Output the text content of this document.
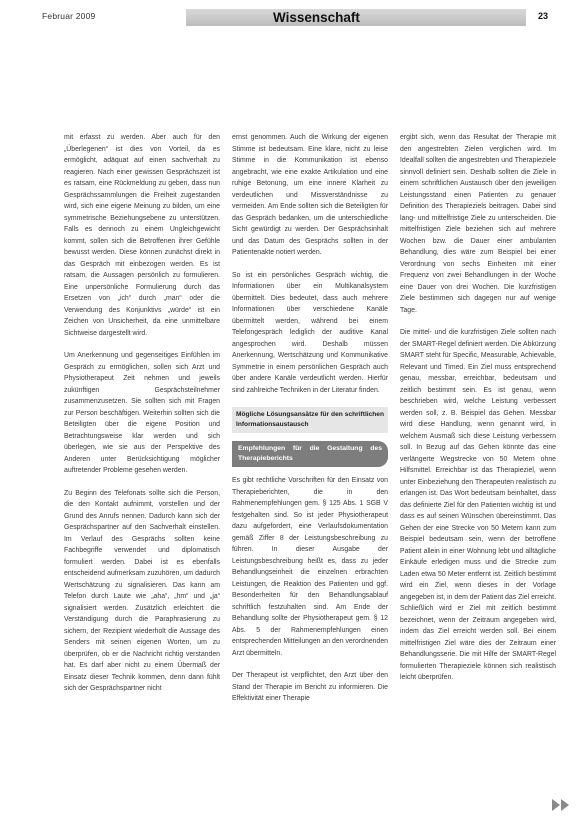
Februar 2009	Wissenschaft	23

mit erfasst zu werden. Aber auch für den „Überlegenen“ ist dies von Vorteil, da es ermöglicht, adäquat auf einen sachverhalt zu reagieren. Nach einer gewissen Gesprächszeit ist es ratsam, eine Rückmeldung zu geben, dass nun Gesprächssammlungen die Freiheit zugestanden wird, sich eine eigene Meinung zu bilden, um eine symmetrische Beziehungsebene zu unterstützen. Falls es dennoch zu einem Ungleichgewicht kommt, sollen sich die Betroffenen ihrer Gefühle bewusst werden. Diese können zunächst direkt in das Gespräch mit einbezogen werden. Es ist ratsam, die Aussagen persönlich zu formulieren. Eine unpersönliche Formulierung durch das Ersetzen von „ich“ durch „man“ oder die Verwendung des Konjunktivs „würde“ ist ein Zeichen von Unsicherheit, da eine unmittelbare Sichtweise dargestellt wird.

Um Anerkennung und gegenseitiges Einfühlen im Gespräch zu ermöglichen, sollen sich Arzt und Physiotherapeut Zeit nehmen und jeweils zukünftigen Gesprächsteilnehmer zusammenzusetzen. Sie sollten sich mit Fragen zur Person beschäftigen. Weiterhin sollten sich die Beteiligten über die eigene Position und Betrachtungsweise klar werden und sich überlegen, wie sie aus der Perspektive des Anderen unter Berücksichtigung möglicher auftretender Probleme gesehen werden.

Zu Beginn des Telefonats sollte sich die Person, die den Kontakt aufnimmt, vorstellen und der Grund des Anrufs nennen. Dadurch kann sich der Gesprächspartner auf den Sachverhalt einstellen. Im Verlauf des Gesprächs sollten keine Fachbegriffe verwendet und diplomatisch formuliert werden. Dabei ist es ebenfalls entscheidend aufmerksam zuzuhören, um dadurch Wertschätzung zu signalisieren. Das kann am Telefon durch Laute wie „aha“, „hm“ und „ja“ signalisiert werden. Zusätzlich erleichtert die Verständigung durch die Paraphrasierung zu sichern, der Rezipient wiederholt die Aussage des Senders mit seinen eigenen Worten, um zu überprüfen, ob er die Nachricht richtig verstanden hat. Es darf aber nicht zu einem Übermaß der Einsatz dieser Technik kommen, denn dann fühlt sich der Gesprächspartner nicht

ernst genommen. Auch die Wirkung der eigenen Stimme ist bedeutsam. Eine klare, nicht zu leise Stimme in die Kommunikation ist ebenso angebracht, wie eine exakte Artikulation und eine ruhige Betonung, um eine innere Klarheit zu verdeutlichen und Missverständnisse zu vermeiden. Am Ende sollten sich die Beteiligten für das Gespräch bedanken, um die unterschiedliche Sicht gewürdigt zu werden. Der Gesprächsinhalt und das Datum des Gesprächs sollten in der Patientenakte notiert werden.

So ist ein persönliches Gespräch wichtig, die Informationen über ein Multikanalsystem übermittelt. Dies bedeutet, dass auch mehrere Informationen über verschiedene Kanäle übermittelt werden, während bei einem Telefongespräch lediglich der auditive Kanal angesprochen wird. Deshalb müssen Anerkennung, Wertschätzung und Kommunikative Symmetrie in einem persönlichen Gespräch auch über andere Kanäle verdeutlicht werden. Hierfür sind zahlreiche Techniken in der Literatur finden.

Mögliche Lösungsansätze für den schriftlichen Informationsaustausch
Empfehlungen für die Gestaltung des Therapieberichts

Es gibt rechtliche Vorschriften für den Einsatz von Therapieberichten, die in den Rahmenempfehlungen gem. § 125 Abs. 1 SGB V festgehalten sind. So ist jeder Physiotherapeut dazu aufgefordert, eine Verlaufsdokumentation gemäß Ziffer 8 der Leistungsbeschreibung zu führen. In dieser Ausgabe der Leistungsbeschreibung heißt es, dass zu jeder Behandlungseinheit die einzelnen erbrachten Leistungen, die Reaktion des Patienten und ggf. Besonderheiten für den Behandlungsablauf schriftlich festzuhalten sind. Am Ende der Behandlung sollte der Physiotherapeut gem. § 12 Abs. 5 der Rahmenempfehlungen einen entsprechenden Mitteilungen an den verordnenden Arzt übermitteln.

Der Therapeut ist verpflichtet, den Arzt über den Stand der Therapie im Bericht zu informieren. Die Effektivität einer Therapie

ergibt sich, wenn das Resultat der Therapie mit den angestrebten Zielen verglichen wird. Im Idealfall sollten die angestrebten und Therapieziele sinnvoll definiert sein. Deshalb sollten die Ziele in einem schriftlichen Austausch über den jeweiligen Leistungsstand einen Patienten zu genauer Definition des Therapieziels beitragen. Dabei sind lang- und mittelfristige Ziele zu unterscheiden. Die mittelfristigen Ziele beziehen sich auf mehrere Wochen bzw. die Dauer einer ambulanten Behandlung, dies wäre zum Beispiel bei einer Verordnung von sechs Einheiten mit einer Frequenz von zwei Behandlungen in der Woche eine Dauer von drei Wochen. Die kurzfristigen Ziele bestimmen sich dagegen nur auf wenige Tage.

Die mittel- und die kurzfristigen Ziele sollten nach der SMART-Regel definiert werden. Die Abkürzung SMART steht für Specific, Measurable, Achievable, Relevant und Timed. Ein Ziel muss entsprechend genau, messbar, erreichbar, bedeutsam und zeitlich bestimmt sein. Es ist genau, wenn beschrieben wird, welche Leistung verbessert werden soll, z. B. Beispiel das Gehen. Messbar wird diese Handlung, wenn genannt wird, in welchem Ausmaß sich diese Leistung verbessern soll. In Bezug auf das Gehen könnte das eine verlängerte Wegstrecke von 50 Metern ohne Hilfsmittel. Erreichbar ist das Therapieziel, wenn unter Einbeziehung den Therapeuten realistisch zu erlangen ist. Das Wort bedeutsam beinhaltet, dass das definierte Ziel für den Patienten wichtig ist und dass es auf seinen Wünschen übereinstimmt. Das Gehen der eine Strecke von 50 Metern kann zum Beispiel bedeutsam sein, wenn der betroffene Patient allein in einer Wohnung lebt und alltägliche Einkäufe erledigen muss und die Strecke zum Laden etwa 50 Meter entfernt ist. Zeitlich bestimmt wird ein Ziel, wenn dieses in der Vorlage angegeben ist, in dem der Patient das Ziel erreicht. Schließlich wird er Ziel mit zeitlich bestimmt bezeichnet, wenn der Zeitraum angegeben wird, indem das Ziel erreicht werden soll. Bei einem mittelfristigen Ziel wäre dies der Zeitraum einer Behandlungsserie. Die mit Hilfe der SMART-Regel formulierten Therapieziele können sich realistisch leicht überprüfen.
